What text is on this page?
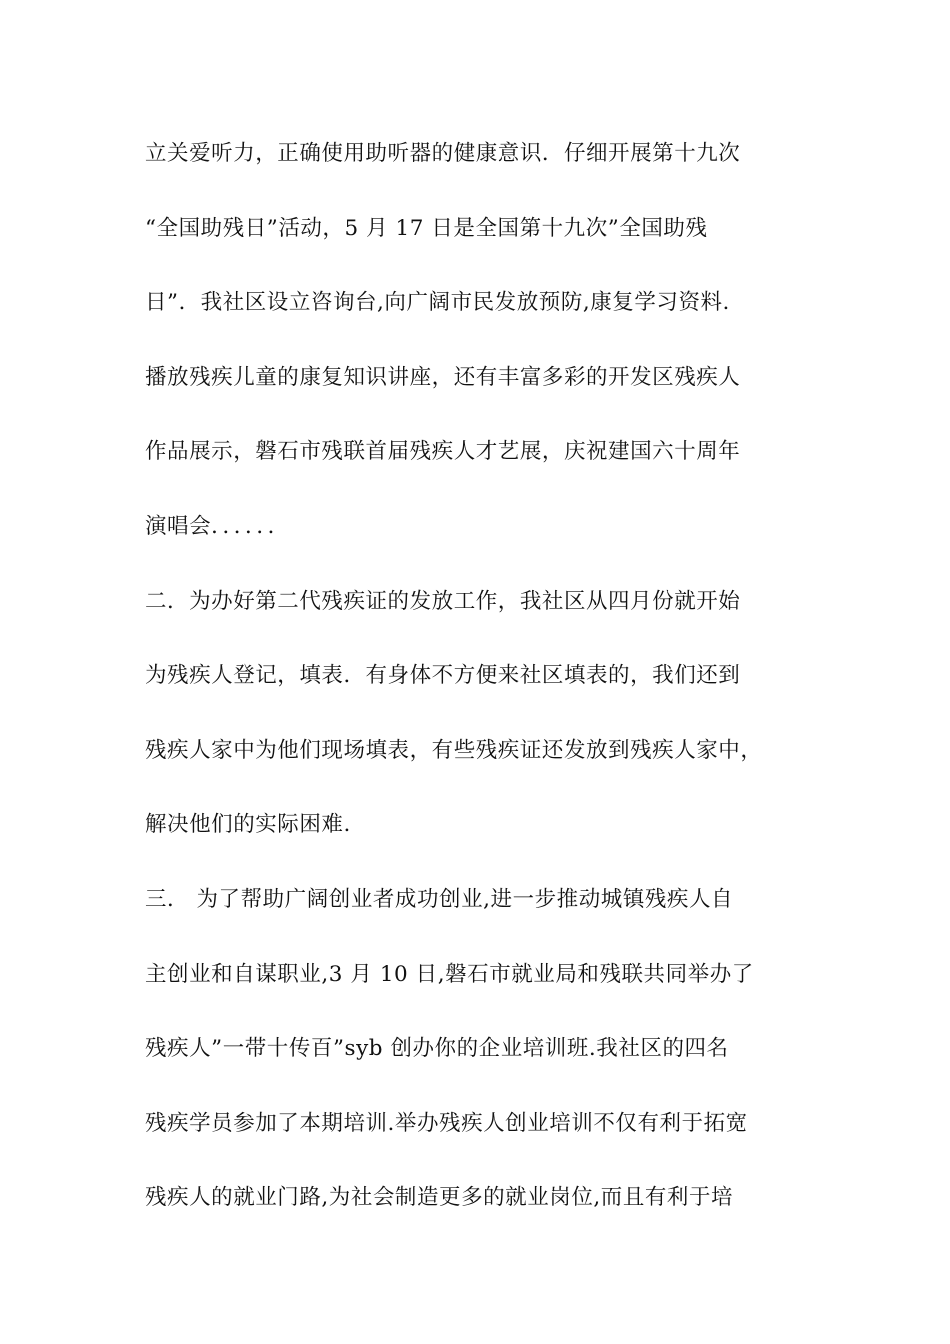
立关爱听力，正确使用助听器的健康意识．仔细开展第十九次
“全国助残日”活动，5 月 17 日是全国第十九次”全国助残
日”．我社区设立咨询台,向广阔市民发放预防,康复学习资料.
播放残疾儿童的康复知识讲座，还有丰富多彩的开发区残疾人
作品展示，磐石市残联首届残疾人才艺展，庆祝建国六十周年
演唱会．．．．．．
二．为办好第二代残疾证的发放工作，我社区从四月份就开始
为残疾人登记，填表．有身体不方便来社区填表的，我们还到
残疾人家中为他们现场填表，有些残疾证还发放到残疾人家中，
解决他们的实际困难.
三． 为了帮助广阔创业者成功创业,进一步推动城镇残疾人自
主创业和自谋职业,3 月 10 日,磐石市就业局和残联共同举办了
残疾人”一带十传百”syb 创办你的企业培训班.我社区的四名
残疾学员参加了本期培训.举办残疾人创业培训不仅有利于拓宽
残疾人的就业门路,为社会制造更多的就业岗位,而且有利于培
